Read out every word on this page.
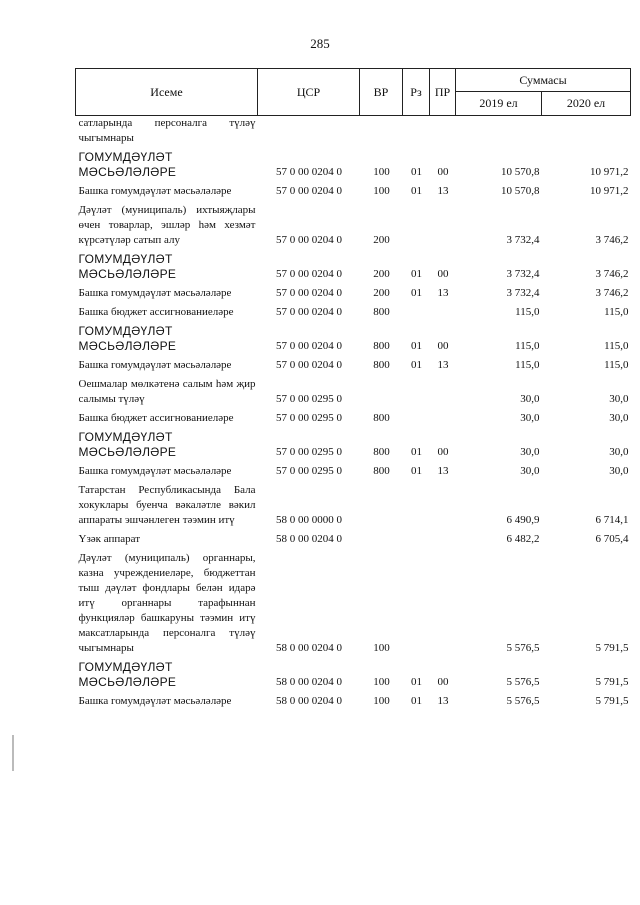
285
Исеме	ЦСР	ВР	Рз	ПР	Суммасы	
					2019 ел	2020 ел
сатларында персоналга түләү чыгымнары						
ГОМУМДӘҮЛӘТ МӘСЬӘЛӘЛӘРЕ	57 0 00 0204 0	100	01	00	10 570,8	10 971,2
Башка гомумдәүләт мәсьәләләре	57 0 00 0204 0	100	01	13	10 570,8	10 971,2
Дәүләт (муниципаль) ихтыяҗлары өчен товарлар, эшләр һәм хезмәт күрсәтүләр сатып алу	57 0 00 0204 0	200			3 732,4	3 746,2
ГОМУМДӘҮЛӘТ МӘСЬӘЛӘЛӘРЕ	57 0 00 0204 0	200	01	00	3 732,4	3 746,2
Башка гомумдәүләт мәсьәләләре	57 0 00 0204 0	200	01	13	3 732,4	3 746,2
Башка бюджет ассигнованиеләре	57 0 00 0204 0	800			115,0	115,0
ГОМУМДӘҮЛӘТ МӘСЬӘЛӘЛӘРЕ	57 0 00 0204 0	800	01	00	115,0	115,0
Башка гомумдәүләт мәсьәләләре	57 0 00 0204 0	800	01	13	115,0	115,0
Оешмалар мөлкәтенә салым һәм җир салымы түләү	57 0 00 0295 0				30,0	30,0
Башка бюджет ассигнованиеләре	57 0 00 0295 0	800			30,0	30,0
ГОМУМДӘҮЛӘТ МӘСЬӘЛӘЛӘРЕ	57 0 00 0295 0	800	01	00	30,0	30,0
Башка гомумдәүләт мәсьәләләре	57 0 00 0295 0	800	01	13	30,0	30,0
Татарстан Республикасында Бала хокуклары буенча вәкаләтле вәкил аппараты эшчәнлеген тәэмин итү	58 0 00 0000 0				6 490,9	6 714,1
Үзәк аппарат	58 0 00 0204 0				6 482,2	6 705,4
Дәүләт (муниципаль) органнары, казна учреждениеләре, бюджеттан тыш дәүләт фондлары белән идарә итү органнары тарафыннан функцияләр башкаруны тәэмин итү максатларында персоналга түләү чыгымнары	58 0 00 0204 0	100			5 576,5	5 791,5
ГОМУМДӘҮЛӘТ МӘСЬӘЛӘЛӘРЕ	58 0 00 0204 0	100	01	00	5 576,5	5 791,5
Башка гомумдәүләт мәсьәләләре	58 0 00 0204 0	100	01	13	5 576,5	5 791,5
